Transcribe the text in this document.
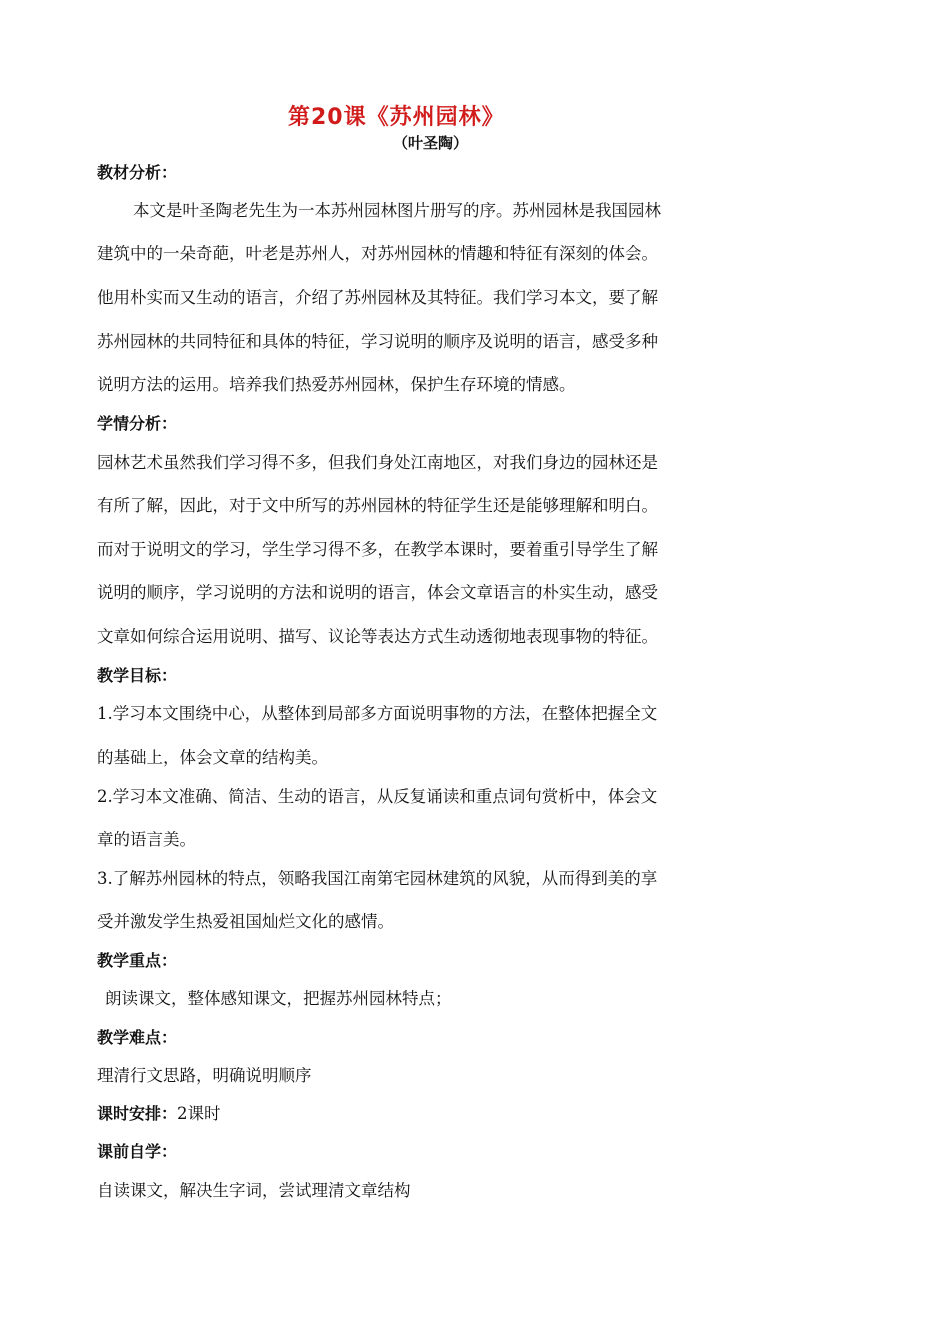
第20课《苏州园林》
（叶圣陶）
教材分析：
本文是叶圣陶老先生为一本苏州园林图片册写的序。苏州园林是我国园林
建筑中的一朵奇葩，叶老是苏州人，对苏州园林的情趣和特征有深刻的体会。
他用朴实而又生动的语言，介绍了苏州园林及其特征。我们学习本文，要了解
苏州园林的共同特征和具体的特征，学习说明的顺序及说明的语言，感受多种
说明方法的运用。培养我们热爱苏州园林，保护生存环境的情感。
学情分析：
园林艺术虽然我们学习得不多，但我们身处江南地区，对我们身边的园林还是
有所了解，因此，对于文中所写的苏州园林的特征学生还是能够理解和明白。
而对于说明文的学习，学生学习得不多，在教学本课时，要着重引导学生了解
说明的顺序，学习说明的方法和说明的语言，体会文章语言的朴实生动，感受
文章如何综合运用说明、描写、议论等表达方式生动透彻地表现事物的特征。
教学目标：
1.学习本文围绕中心，从整体到局部多方面说明事物的方法，在整体把握全文
的基础上，体会文章的结构美。
2.学习本文准确、简洁、生动的语言，从反复诵读和重点词句赏析中，体会文
章的语言美。
3.了解苏州园林的特点，领略我国江南第宅园林建筑的风貌，从而得到美的享
受并激发学生热爱祖国灿烂文化的感情。
教学重点：
朗读课文，整体感知课文，把握苏州园林特点；
教学难点：
理清行文思路，明确说明顺序
课时安排：2课时
课前自学：
自读课文，解决生字词，尝试理清文章结构
